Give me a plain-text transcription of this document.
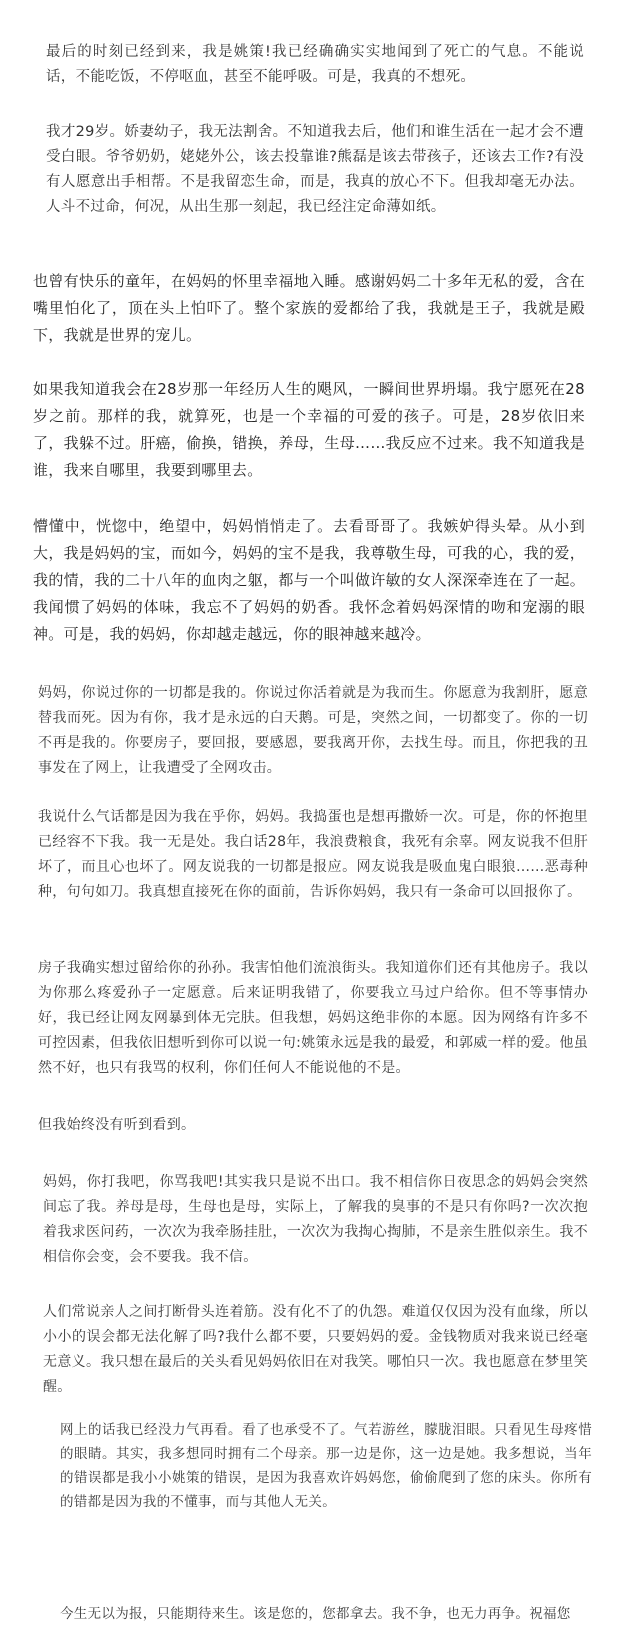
最后的时刻已经到来，我是姚策!我已经确确实实地闻到了死亡的气息。不能说话，不能吃饭，不停呕血，甚至不能呼吸。可是，我真的不想死。

我才29岁。娇妻幼子，我无法割舍。不知道我去后，他们和谁生活在一起才会不遭受白眼。爷爷奶奶，姥姥外公，该去投靠谁?熊磊是该去带孩子，还该去工作?有没有人愿意出手相帮。不是我留恋生命，而是，我真的放心不下。但我却毫无办法。人斗不过命，何况，从出生那一刻起，我已经注定命薄如纸。

也曾有快乐的童年，在妈妈的怀里幸福地入睡。感谢妈妈二十多年无私的爱，含在嘴里怕化了，顶在头上怕吓了。整个家族的爱都给了我，我就是王子，我就是殿下，我就是世界的宠儿。

如果我知道我会在28岁那一年经历人生的飓风，一瞬间世界坍塌。我宁愿死在28岁之前。那样的我，就算死，也是一个幸福的可爱的孩子。可是，28岁依旧来了，我躲不过。肝癌，偷换，错换，养母，生母……我反应不过来。我不知道我是谁，我来自哪里，我要到哪里去。

懵懂中，恍惚中，绝望中，妈妈悄悄走了。去看哥哥了。我嫉妒得头晕。从小到大，我是妈妈的宝，而如今，妈妈的宝不是我，我尊敬生母，可我的心，我的爱，我的情，我的二十八年的血肉之躯，都与一个叫做许敏的女人深深牵连在了一起。我闻惯了妈妈的体味，我忘不了妈妈的奶香。我怀念着妈妈深情的吻和宠溺的眼神。可是，我的妈妈，你却越走越远，你的眼神越来越冷。

妈妈，你说过你的一切都是我的。你说过你活着就是为我而生。你愿意为我割肝，愿意替我而死。因为有你，我才是永远的白天鹅。可是，突然之间，一切都变了。你的一切不再是我的。你要房子，要回报，要感恩，要我离开你，去找生母。而且，你把我的丑事发在了网上，让我遭受了全网攻击。

我说什么气话都是因为我在乎你，妈妈。我捣蛋也是想再撒娇一次。可是，你的怀抱里已经容不下我。我一无是处。我白话28年，我浪费粮食，我死有余辜。网友说我不但肝坏了，而且心也坏了。网友说我的一切都是报应。网友说我是吸血鬼白眼狼……恶毒种种，句句如刀。我真想直接死在你的面前，告诉你妈妈，我只有一条命可以回报你了。

房子我确实想过留给你的孙孙。我害怕他们流浪街头。我知道你们还有其他房子。我以为你那么疼爱孙子一定愿意。后来证明我错了，你要我立马过户给你。但不等事情办好，我已经让网友网暴到体无完肤。但我想，妈妈这绝非你的本愿。因为网络有许多不可控因素，但我依旧想听到你可以说一句:姚策永远是我的最爱，和郭威一样的爱。他虽然不好，也只有我骂的权利，你们任何人不能说他的不是。

但我始终没有听到看到。

妈妈，你打我吧，你骂我吧!其实我只是说不出口。我不相信你日夜思念的妈妈会突然间忘了我。养母是母，生母也是母，实际上，了解我的臭事的不是只有你吗?一次次抱着我求医问药，一次次为我牵肠挂肚，一次次为我掏心掏肺，不是亲生胜似亲生。我不相信你会变，会不要我。我不信。

人们常说亲人之间打断骨头连着筋。没有化不了的仇怨。难道仅仅因为没有血缘，所以小小的误会都无法化解了吗?我什么都不要，只要妈妈的爱。金钱物质对我来说已经毫无意义。我只想在最后的关头看见妈妈依旧在对我笑。哪怕只一次。我也愿意在梦里笑醒。

网上的话我已经没力气再看。看了也承受不了。气若游丝，朦胧泪眼。只看见生母疼惜的眼睛。其实，我多想同时拥有二个母亲。那一边是你，这一边是她。我多想说，当年的错误都是我小小姚策的错误，是因为我喜欢许妈妈您，偷偷爬到了您的床头。你所有的错都是因为我的不懂事，而与其他人无关。

今生无以为报，只能期待来生。该是您的，您都拿去。我不争，也无力再争。祝福您
